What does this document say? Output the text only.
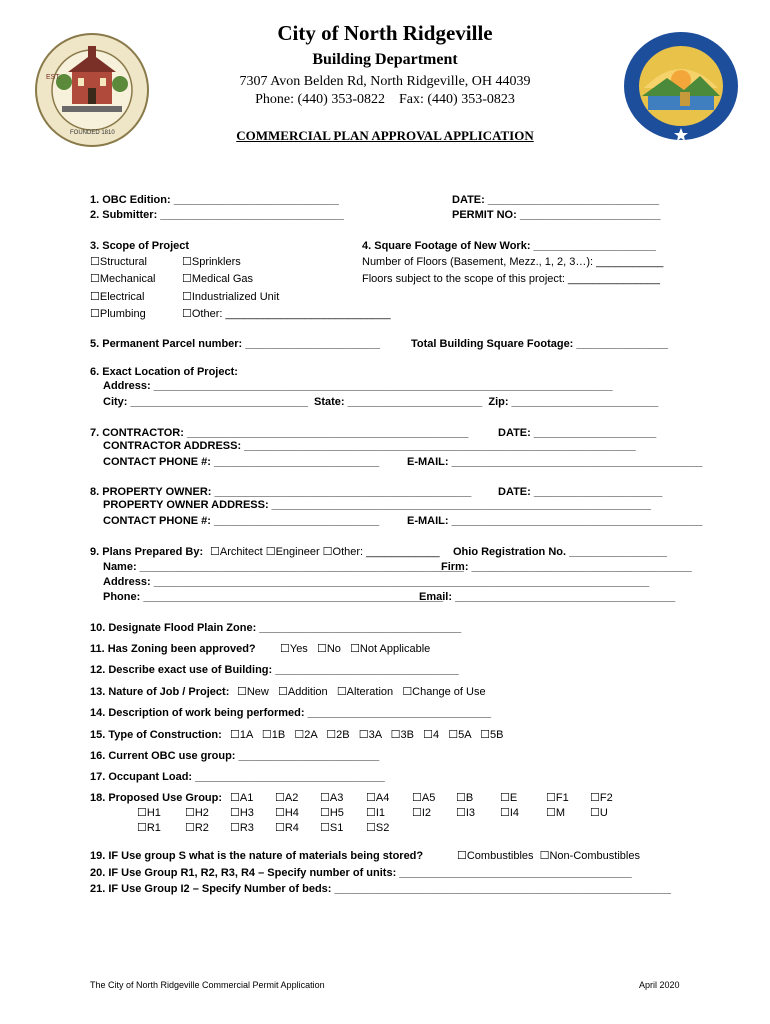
EST.
FOUNDED 1810
City of North Ridgeville
Building Department
7307 Avon Belden Rd, North Ridgeville, OH 44039
Phone: (440) 353-0822    Fax: (440) 353-0823
COMMERCIAL PLAN APPROVAL APPLICATION
1. OBC Edition: ___________________________
2. Submitter: ______________________________
DATE: ____________________________
PERMIT NO: _______________________
3. Scope of Project
☐Structural	☐Sprinklers
☐Mechanical ☐Medical Gas
☐Electrical	☐Industrialized Unit
☐Plumbing	☐Other: ___________________________
4. Square Footage of New Work: ____________________
Number of Floors (Basement, Mezz., 1, 2, 3…): ___________
Floors subject to the scope of this project: _______________
5. Permanent Parcel number: ______________________	Total Building Square Footage: _______________
6. Exact Location of Project:
Address: ___________________________________________________________________________
City: _____________________________  State: ______________________  Zip: ________________________
7. CONTRACTOR: ______________________________________________	DATE: ____________________
CONTRACTOR ADDRESS: ________________________________________________________________
CONTACT PHONE #: ___________________________	E-MAIL: _________________________________________
8. PROPERTY OWNER: __________________________________________ DATE: _____________________
PROPERTY OWNER ADDRESS: ______________________________________________________________
CONTACT PHONE #: ___________________________	E-MAIL: _________________________________________
9. Plans Prepared By: ☐Architect ☐Engineer ☐Other: ____________ Ohio Registration No. ________________
Name: _____________________________________________________
Firm: ____________________________________
Address: _________________________________________________________________________________
Phone: _________________________________________________
Email: ____________________________________
10. Designate Flood Plain Zone: _________________________________
11. Has Zoning been approved? ☐Yes   ☐No   ☐Not Applicable
12. Describe exact use of Building: ______________________________
13. Nature of Job / Project: ☐New   ☐Addition   ☐Alteration   ☐Change of Use
14. Description of work being performed: ______________________________
15. Type of Construction: ☐1A   ☐1B   ☐2A   ☐2B   ☐3A   ☐3B   ☐4   ☐5A   ☐5B
16. Current OBC use group: _______________________
17. Occupant Load: _______________________________
18. Proposed Use Group: ☐A1 ☐A2 ☐A3 ☐A4 ☐A5 ☐B ☐E	☐F1 ☐F2
☐H1 ☐H2 ☐H3 ☐H4 ☐H5 ☐I1 ☐I2 ☐I3 ☐I4 ☐M ☐U
☐R1 ☐R2 ☐R3 ☐R4 ☐S1 ☐S2
19. IF Use group S what is the nature of materials being stored?	☐Combustibles  ☐Non-Combustibles
20. IF Use Group R1, R2, R3, R4 – Specify number of units: ______________________________________
21. IF Use Group I2 – Specify Number of beds: _______________________________________________________
The City of North Ridgeville Commercial Permit Application	April 2020
